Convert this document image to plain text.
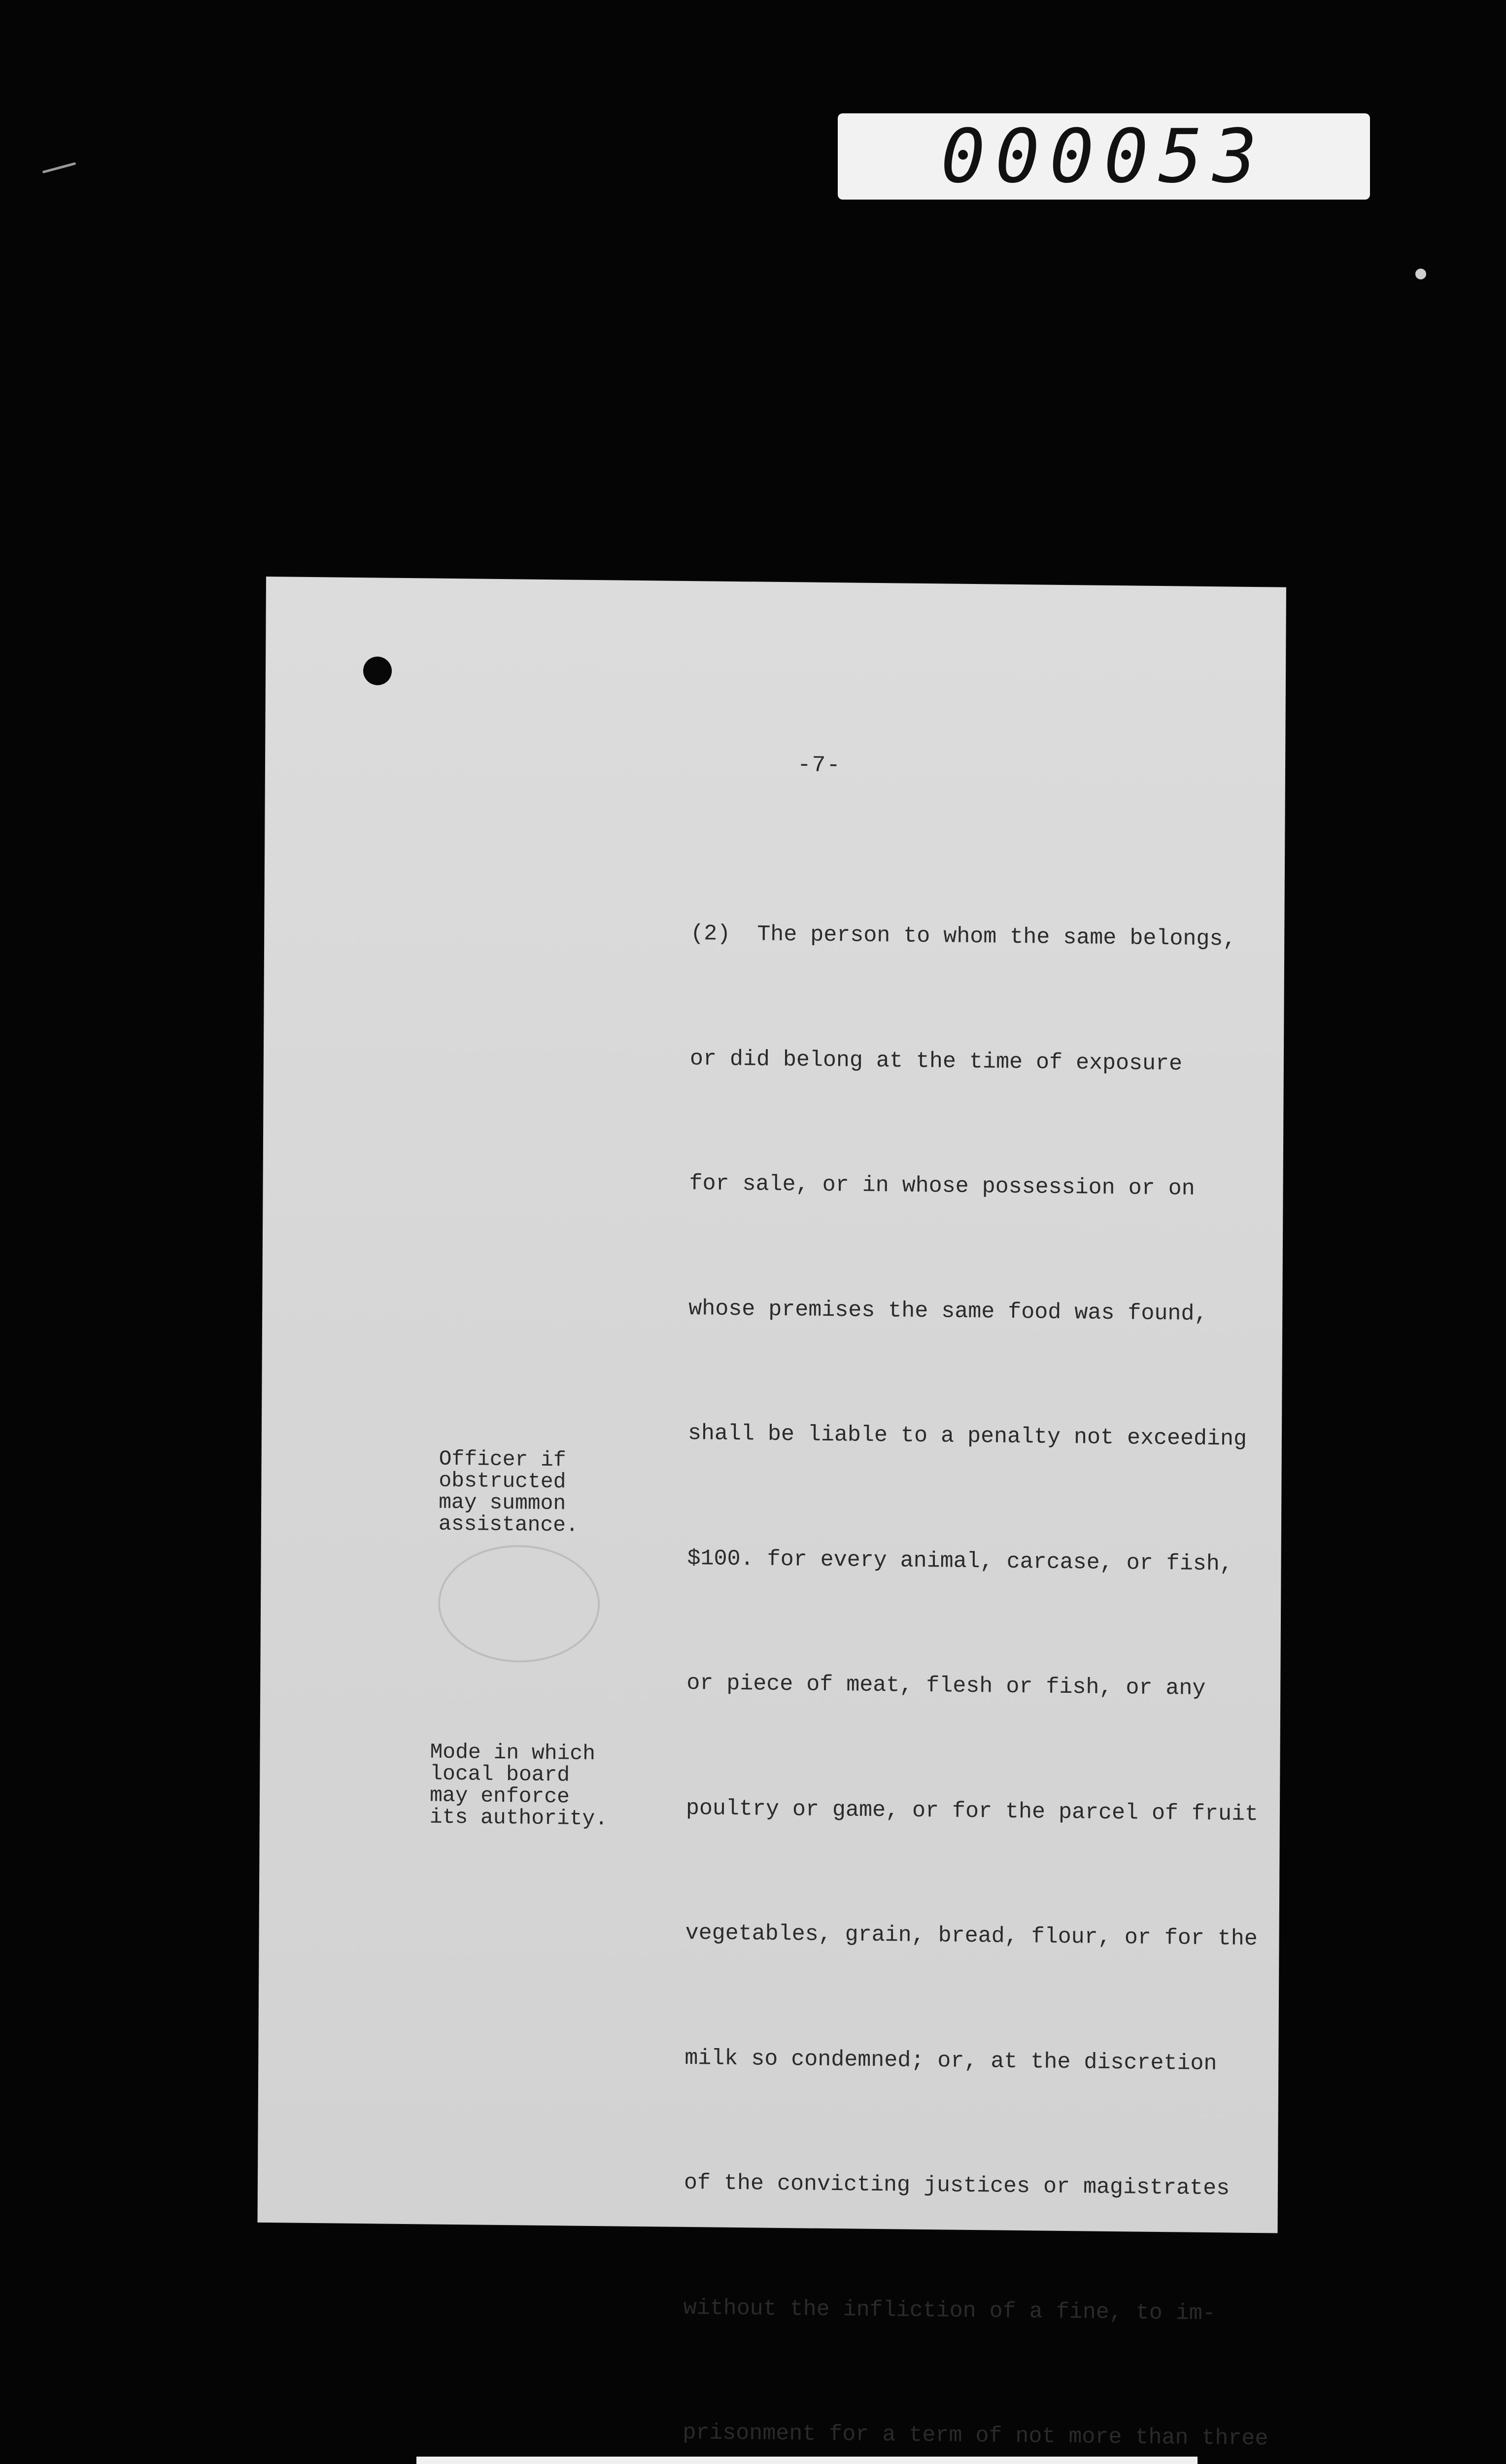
000053
-7-

(2)  The person to whom the same belongs,

or did belong at the time of exposure

for sale, or in whose possession or on

whose premises the same food was found,

shall be liable to a penalty not exceeding

$100. for every animal, carcase, or fish,

or piece of meat, flesh or fish, or any

poultry or game, or for the parcel of fruit

vegetables, grain, bread, flour, or for the

milk so condemned; or, at the discretion

of the convicting justices or magistrates

without the infliction of a fine, to im-

prisonment for a term of not more than three

Officer if
obstructed
may summon
assistance.
Mode in which
local board
may enforce
its authority.
